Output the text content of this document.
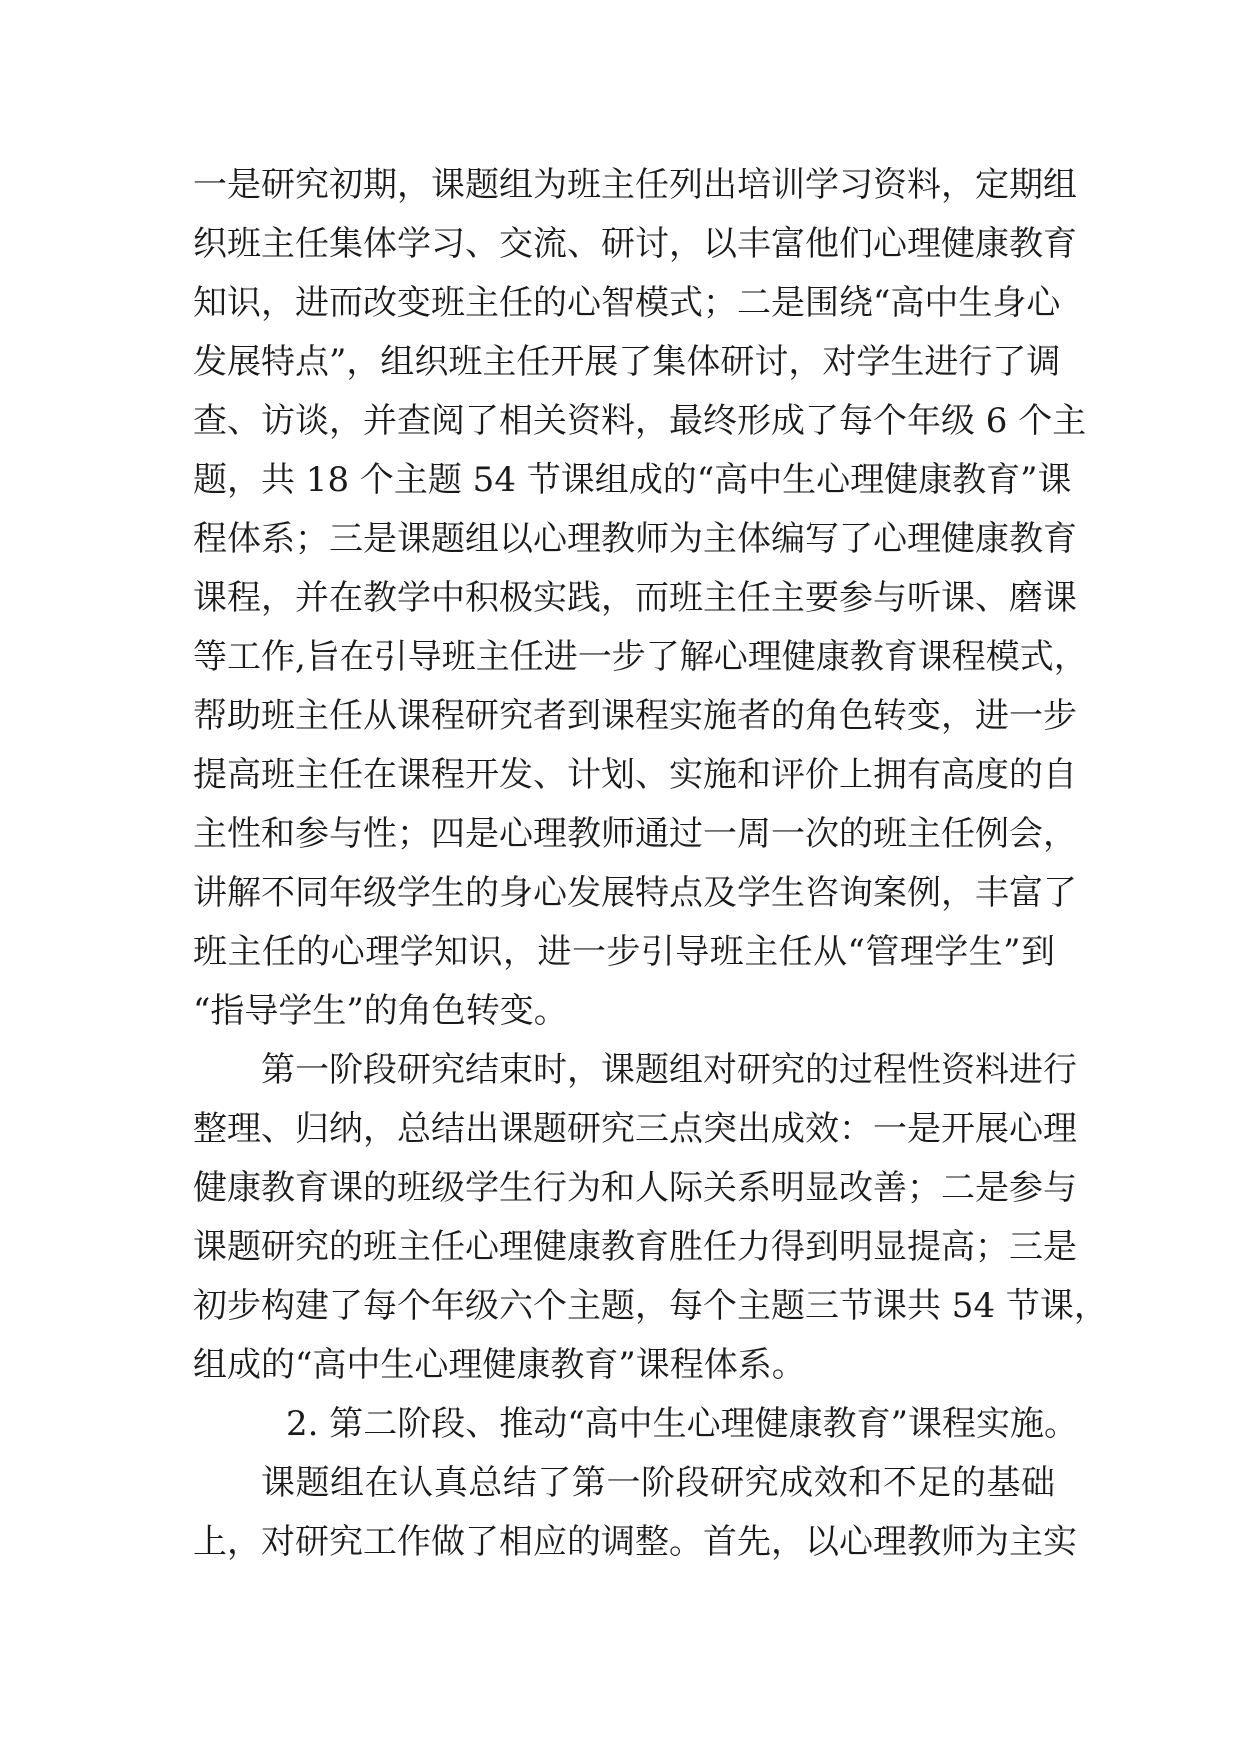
一是研究初期，课题组为班主任列出培训学习资料，定期组
织班主任集体学习、交流、研讨，以丰富他们心理健康教育
知识，进而改变班主任的心智模式；二是围绕“高中生身心
发展特点”，组织班主任开展了集体研讨，对学生进行了调
查、访谈，并查阅了相关资料，最终形成了每个年级 6 个主
题，共 18 个主题 54 节课组成的“高中生心理健康教育”课
程体系；三是课题组以心理教师为主体编写了心理健康教育
课程，并在教学中积极实践，而班主任主要参与听课、磨课
等工作,旨在引导班主任进一步了解心理健康教育课程模式，
帮助班主任从课程研究者到课程实施者的角色转变，进一步
提高班主任在课程开发、计划、实施和评价上拥有高度的自
主性和参与性；四是心理教师通过一周一次的班主任例会，
讲解不同年级学生的身心发展特点及学生咨询案例，丰富了
班主任的心理学知识，进一步引导班主任从“管理学生”到
“指导学生”的角色转变。
第一阶段研究结束时，课题组对研究的过程性资料进行
整理、归纳，总结出课题研究三点突出成效：一是开展心理
健康教育课的班级学生行为和人际关系明显改善；二是参与
课题研究的班主任心理健康教育胜任力得到明显提高；三是
初步构建了每个年级六个主题，每个主题三节课共 54 节课，
组成的“高中生心理健康教育”课程体系。
2. 第二阶段、推动“高中生心理健康教育”课程实施。
课题组在认真总结了第一阶段研究成效和不足的基础
上，对研究工作做了相应的调整。首先，以心理教师为主实
